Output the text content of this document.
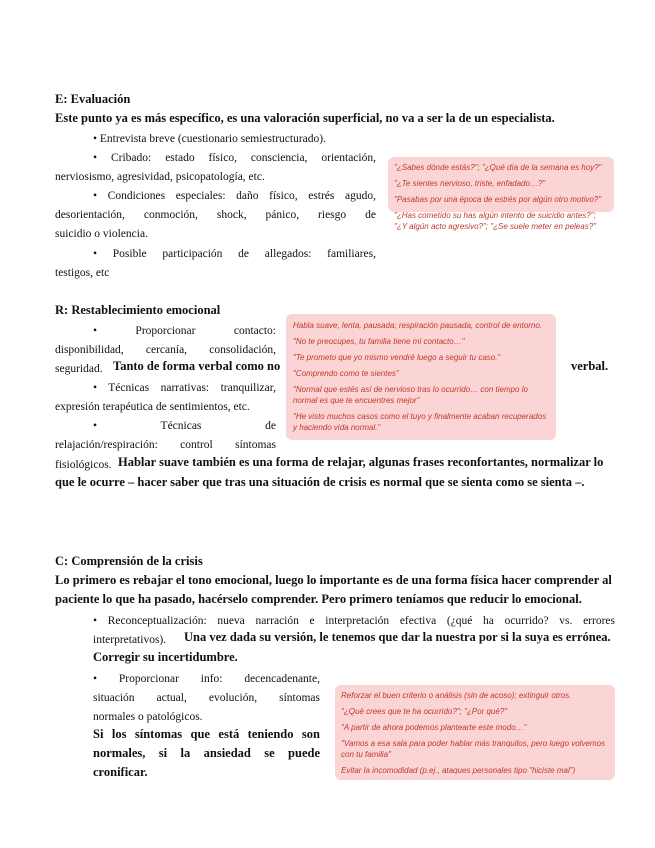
E: Evaluación
Este punto ya es más específico, es una valoración superficial, no va a ser la de un especialista.
• Entrevista breve (cuestionario semiestructurado).
• Cribado: estado físico, consciencia, orientación,
nerviosismo, agresividad, psicopatología, etc.
• Condiciones especiales: daño físico, estrés agudo,
desorientación, conmoción, shock, pánico, riesgo de
suicidio o violencia.
• Posible participación de allegados: familiares,
testigos, etc
"¿Sabes dónde estás?"; "¿Qué día de la semana es hoy?"
"¿Te sientes nervioso, triste, enfadado…?"
"Pasabas por una época de estrés por algún otro motivo?"
"¿Has cometido su has algún intento de suicidio antes?"; "¿Y algún acto agresivo?"; "¿Se suele meter en peleas?"
R: Restablecimiento emocional
• Proporcionar contacto:
disponibilidad, cercanía, consolidación,
seguridad. Tanto de forma verbal como no	verbal.
• Técnicas narrativas: tranquilizar,
expresión terapéutica de sentimientos, etc.
• Técnicas de
relajación/respiración: control síntomas
fisiológicos. Hablar suave también es una forma de relajar, algunas frases reconfortantes, normalizar lo
que le ocurre – hacer saber que tras una situación de crisis es normal que se sienta como se sienta –.
Habla suave, lenta, pausada; respiración pausada, control de entorno.
"No te preocupes, tu familia tiene mi contacto…"
"Te prometo que yo mismo vendré luego a seguir tu caso."
"Comprendo como te sientes"
"Normal que estés así de nervioso tras lo ocurrido… con tiempo lo normal es que te encuentres mejor"
"He visto muchos casos como el tuyo y finalmente acaban recuperados y haciendo vida normal."
C: Comprensión de la crisis
Lo primero es rebajar el tono emocional, luego lo importante es de una forma física hacer comprender al
paciente lo que ha pasado, hacérselo comprender. Pero primero teníamos que reducir lo emocional.
• Reconceptualización: nueva narración e interpretación efectiva (¿qué ha ocurrido? vs. errores
interpretativos). Una vez dada su versión, le tenemos que dar la nuestra por si la suya es errónea.
Corregir su incertidumbre.
• Proporcionar info: decencadenante,
situación actual, evolución, síntomas
normales o patológicos.
Si los síntomas que está teniendo son
normales, si la ansiedad se puede
cronificar.
Reforzar el buen criterio o análisis (sin de acoso); extinguir otros.
"¿Qué crees que te ha ocurrido?"; "¿Por qué?"
"A partir de ahora podemos plantearte este modo…"
"Vamos a esa sala para poder hablar más tranquilos, pero luego volvemos con tu familia"
Evitar la incomodidad (p.ej., ataques personales tipo "hiciste mal")
